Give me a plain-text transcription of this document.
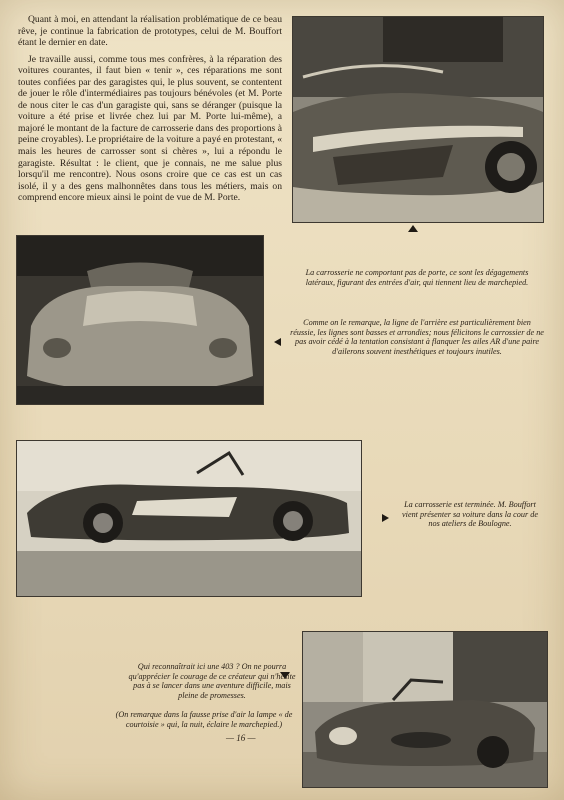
Quant à moi, en attendant la réalisation problématique de ce beau rêve, je continue la fabrication de prototypes, celui de M. Bouffort étant le dernier en date.

Je travaille aussi, comme tous mes confrères, à la réparation des voitures courantes, il faut bien « tenir », ces réparations me sont toutes confiées par des garagistes qui, le plus souvent, se contentent de jouer le rôle d'intermédiaires pas toujours bénévoles (et M. Porte de nous citer le cas d'un garagiste qui, sans se déranger (puisque la voiture a été prise et livrée chez lui par M. Porte lui-même), a majoré le montant de la facture de carrosserie dans des proportions à peine croyables). Le propriétaire de la voiture a payé en protestant, « mais les heures de carrosser sont si chères », lui a répondu le garagiste. Résultat : le client, que je connais, ne me salue plus lorsqu'il me rencontre). Nous osons croire que ce cas est un cas isolé, il y a des gens malhonnêtes dans tous les métiers, mais on comprend encore mieux ainsi le point de vue de M. Porte.

La carrosserie ne comportant pas de porte, ce sont les dégagements latéraux, figurant des entrées d'air, qui tiennent lieu de marchepied.
Comme on le remarque, la ligne de l'arrière est particulièrement bien réussie, les lignes sont basses et arrondies; nous félicitons le carrossier de ne pas avoir cédé à la tentation consistant à flanquer les ailes AR d'une paire d'ailerons souvent inesthétiques et toujours inutiles.
La carrosserie est terminée. M. Bouffort vient présenter sa voiture dans la cour de nos ateliers de Boulogne.
Qui reconnaîtrait ici une 403 ? On ne pourra qu'apprécier le courage de ce créateur qui n'hésite pas à se lancer dans une aventure difficile, mais pleine de promesses.
(On remarque dans la fausse prise d'air la lampe « de courtoisie » qui, la nuit, éclaire le marchepied.)
— 16 —
